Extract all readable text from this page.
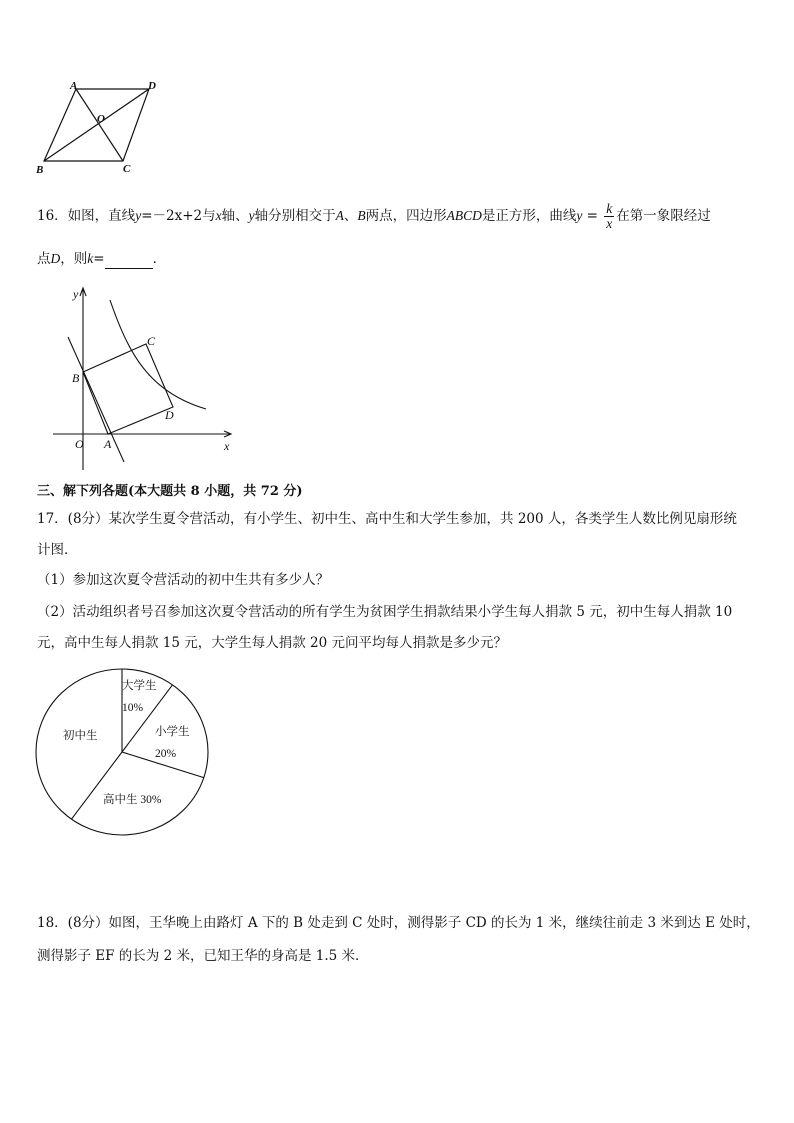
A	D
O
B	C
16．如图，直线y=－2x+2与x轴、y轴分别相交于A、B两点，四边形ABCD是正方形，曲线$y = \frac{k}{x}$ 在第一象限经过
点D，则k=	．
y
x
O A
B
C
D
三、解下列各题(本大题共 8 小题，共 72 分)
17．(8分）某次学生夏令营活动，有小学生、初中生、高中生和大学生参加，共 200 人，各类学生人数比例见扇形统
计图．
（1）参加这次夏令营活动的初中生共有多少人？
（2）活动组织者号召参加这次夏令营活动的所有学生为贫困学生捐款结果小学生每人捐款 5 元，初中生每人捐款 10
元，高中生每人捐款 15 元，大学生每人捐款 20 元问平均每人捐款是多少元？
大学生
10%
小学生
20%
高中生 30%
初中生
18．(8分）如图，王华晚上由路灯 A 下的 B 处走到 C 处时，测得影子 CD 的长为 1 米，继续往前走 3 米到达 E 处时，
测得影子 EF 的长为 2 米，已知王华的身高是 1.5 米．
